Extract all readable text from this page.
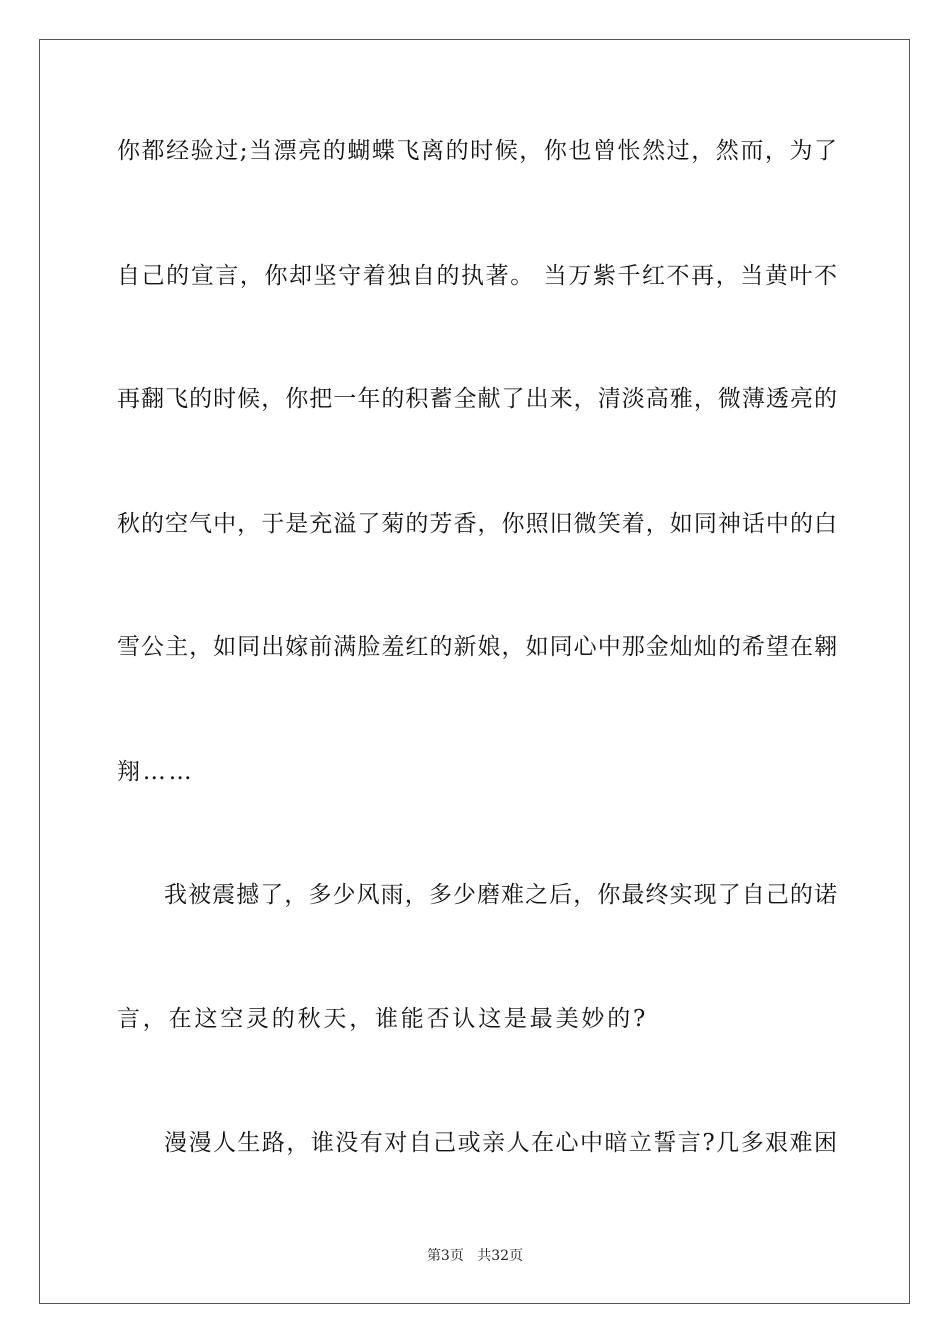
你都经验过;当漂亮的蝴蝶飞离的时候，你也曾怅然过，然而，为了
自己的宣言，你却坚守着独自的执著。 当万紫千红不再，当黄叶不
再翻飞的时候，你把一年的积蓄全献了出来，清淡高雅，微薄透亮的
秋的空气中，于是充溢了菊的芳香，你照旧微笑着，如同神话中的白
雪公主，如同出嫁前满脸羞红的新娘，如同心中那金灿灿的希望在翱
翔……
我被震撼了，多少风雨，多少磨难之后，你最终实现了自己的诺
言，在这空灵的秋天，谁能否认这是最美妙的?
漫漫人生路，谁没有对自己或亲人在心中暗立誓言?几多艰难困
第3页 共32页
